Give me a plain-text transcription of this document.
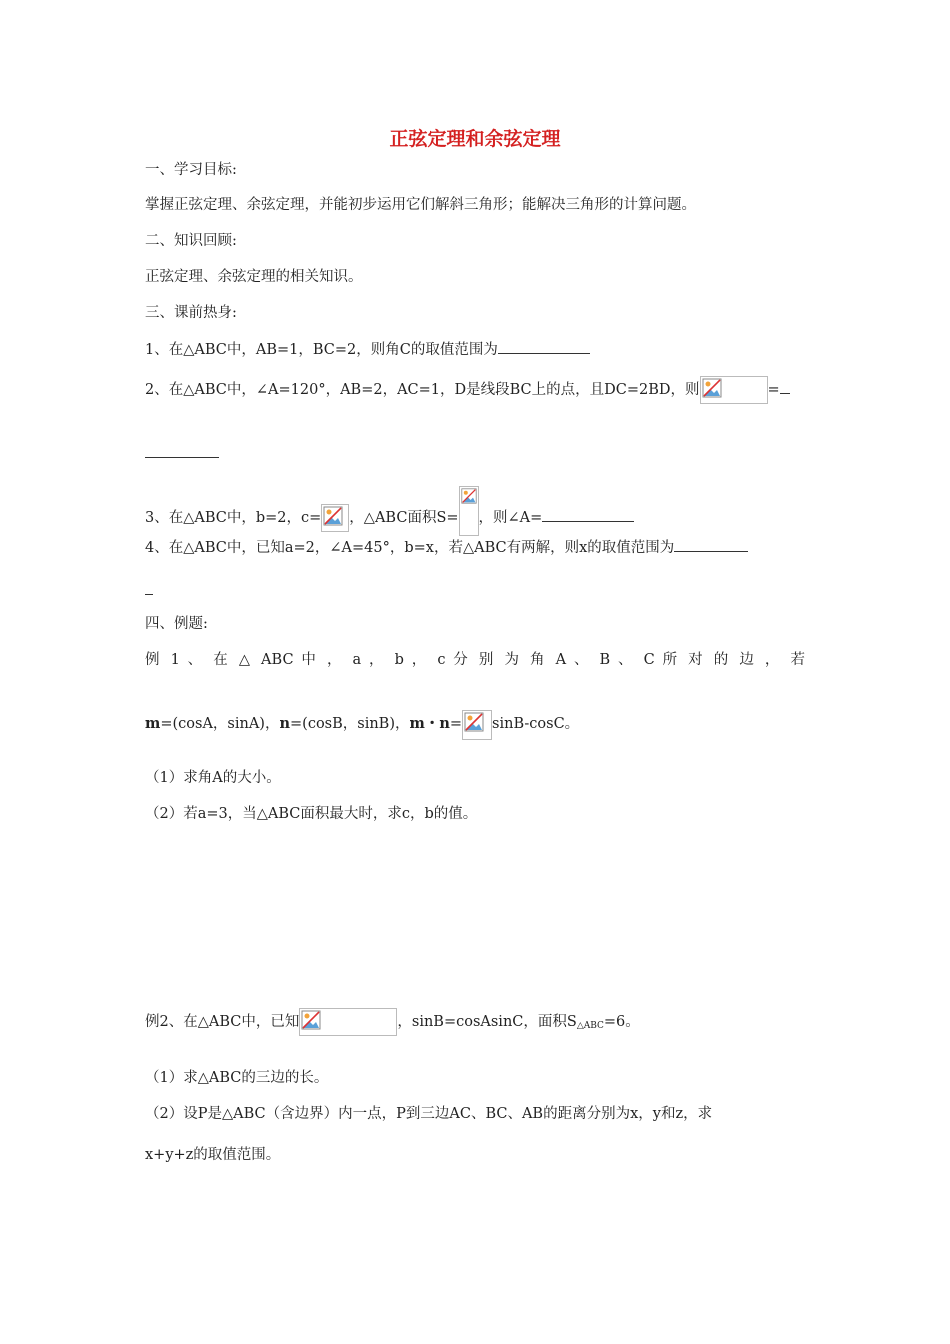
正弦定理和余弦定理
一、学习目标:
掌握正弦定理、余弦定理，并能初步运用它们解斜三角形；能解决三角形的计算问题。
二、知识回顾:
正弦定理、余弦定理的相关知识。
三、课前热身:
1、在△ABC中，AB=1，BC=2，则角C的取值范围为
2、在△ABC中，∠A=120°，AB=2，AC=1，D是线段BC上的点，且DC=2BD，则	=
3、在△ABC中，b=2，c= ，△ABC面积S= ，则∠A=
4、在△ABC中，已知a=2，∠A=45°，b=x，若△ABC有两解，则x的取值范围为
四、例题:
例 1 、 在 △ ABC 中 ， a ， b ， c 分 别 为 角 A 、 B 、 C 所 对 的 边 ， 若
m=(cosA，sinA)，n=(cosB，sinB)，m・n= sinB-cosC。
（1）求角A的大小。
（2）若a=3，当△ABC面积最大时，求c，b的值。
例2、在△ABC中，已知	，sinB=cosAsinC，面积$S_{\triangle ABC}=6$。
（1）求△ABC的三边的长。
（2）设P是△ABC（含边界）内一点，P到三边AC、BC、AB的距离分别为x，y和z，求
x+y+z的取值范围。
